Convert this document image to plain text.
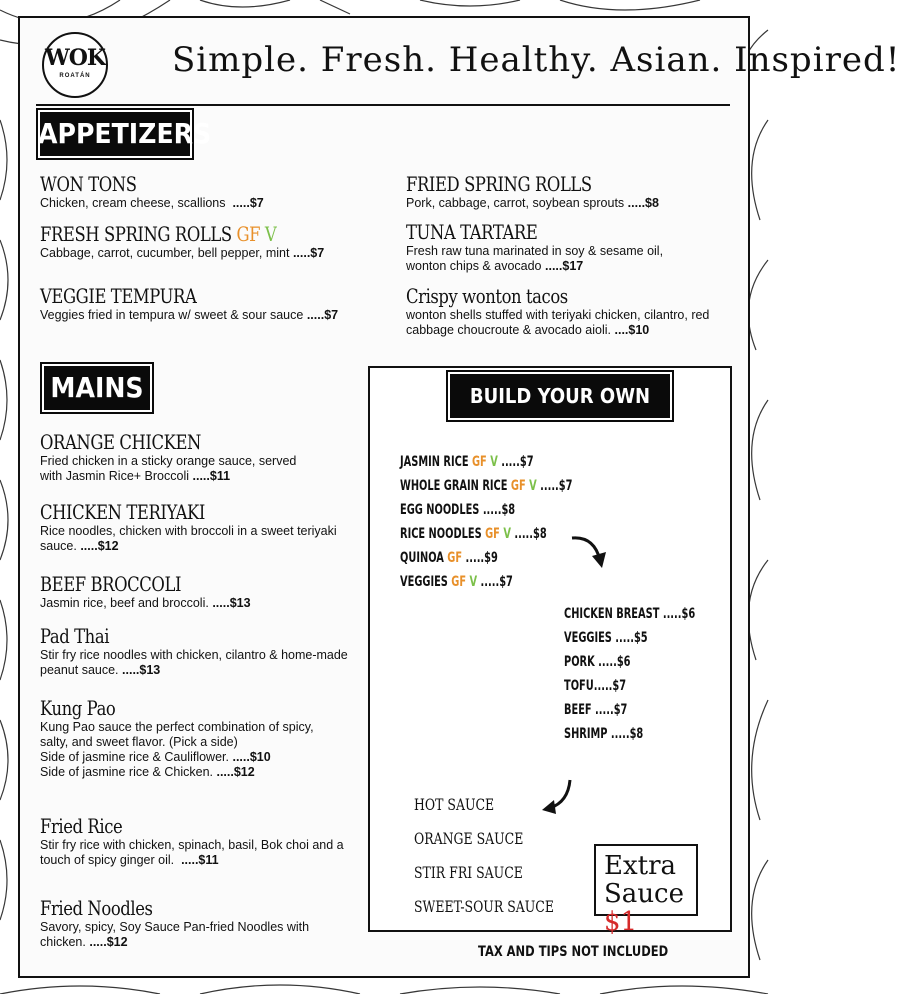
WOK
ROATÁN	Simple. Fresh. Healthy. Asian. Inspired!
APPETIZERS
WON TONS
Chicken, cream cheese, scallions .....$7
FRESH SPRING ROLLS GF V
Cabbage, carrot, cucumber, bell pepper, mint .....$7
VEGGIE TEMPURA
Veggies fried in tempura w/ sweet & sour sauce .....$7
FRIED SPRING ROLLS
Pork, cabbage, carrot, soybean sprouts .....$8
TUNA TARTARE
Fresh raw tuna marinated in soy & sesame oil, wonton chips & avocado .....$17
Crispy wonton tacos
wonton shells stuffed with teriyaki chicken, cilantro, red cabbage choucroute & avocado aioli. ....$10
MAINS
ORANGE CHICKEN
Fried chicken in a sticky orange sauce, served with Jasmin Rice+ Broccoli .....$11
CHICKEN TERIYAKI
Rice noodles, chicken with broccoli in a sweet teriyaki sauce. .....$12
BEEF BROCCOLI
Jasmin rice, beef and broccoli. .....$13
Pad Thai
Stir fry rice noodles with chicken, cilantro & home-made peanut sauce. .....$13
Kung Pao
Kung Pao sauce the perfect combination of spicy, salty, and sweet flavor. (Pick a side)
Side of jasmine rice & Cauliflower. .....$10
Side of jasmine rice & Chicken. .....$12
Fried Rice
Stir fry rice with chicken, spinach, basil, Bok choi and a touch of spicy ginger oil. .....$11
Fried Noodles
Savory, spicy, Soy Sauce Pan-fried Noodles with chicken. .....$12
BUILD YOUR OWN WOK!
JASMIN RICE GF V .....$7
WHOLE GRAIN RICE GF V .....$7
EGG NOODLES .....$8
RICE NOODLES GF V .....$8
QUINOA GF .....$9
VEGGIES GF V .....$7
CHICKEN BREAST .....$6
VEGGIES .....$5
PORK .....$6
TOFU.....$7
BEEF .....$7
SHRIMP .....$8
HOT SAUCE
ORANGE SAUCE
STIR FRI SAUCE
SWEET-SOUR SAUCE
Extra
Sauce $1
TAX AND TIPS NOT INCLUDED
